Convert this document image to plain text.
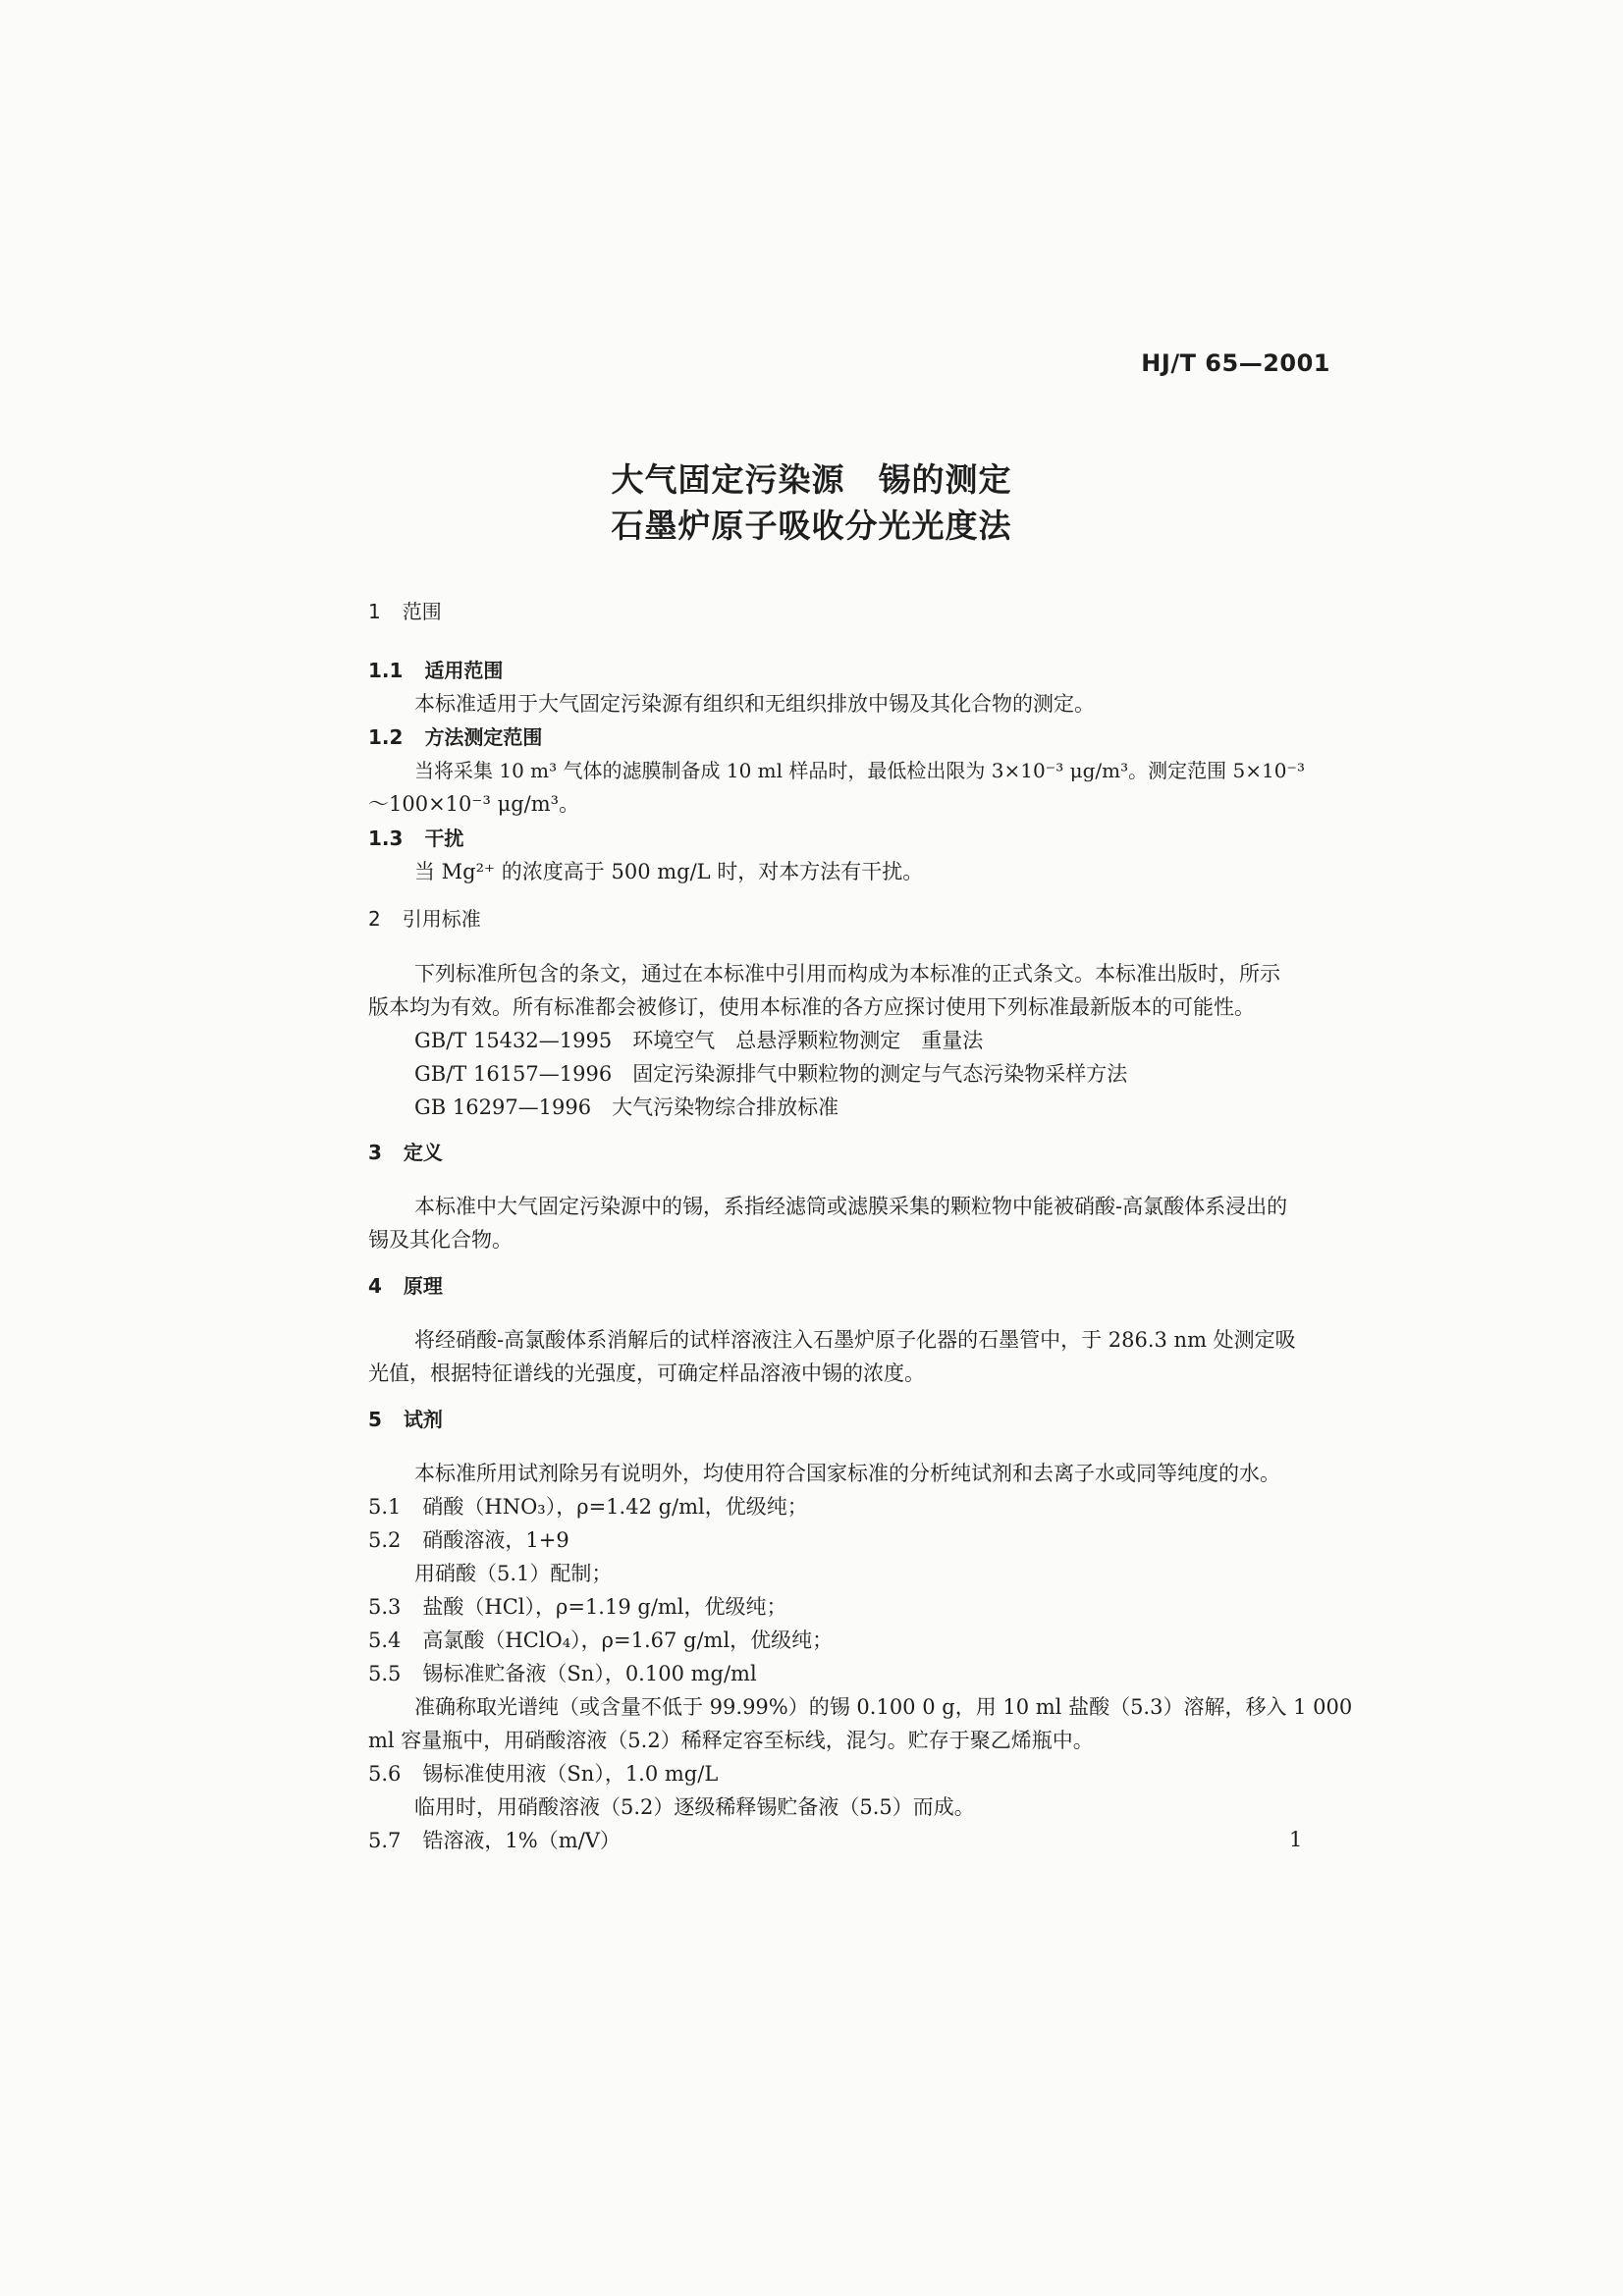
HJ/T 65—2001
大气固定污染源　锡的测定
石墨炉原子吸收分光光度法
1 范围
1.1 适用范围
本标准适用于大气固定污染源有组织和无组织排放中锡及其化合物的测定。
1.2 方法测定范围
当将采集 10 m³ 气体的滤膜制备成 10 ml 样品时，最低检出限为 3×10⁻³ μg/m³。测定范围 5×10⁻³
～100×10⁻³ μg/m³。
1.3 干扰
当 Mg²⁺ 的浓度高于 500 mg/L 时，对本方法有干扰。
2 引用标准
下列标准所包含的条文，通过在本标准中引用而构成为本标准的正式条文。本标准出版时，所示
版本均为有效。所有标准都会被修订，使用本标准的各方应探讨使用下列标准最新版本的可能性。
GB/T 15432—1995　环境空气　总悬浮颗粒物测定　重量法
GB/T 16157—1996　固定污染源排气中颗粒物的测定与气态污染物采样方法
GB 16297—1996　大气污染物综合排放标准
3 定义
本标准中大气固定污染源中的锡，系指经滤筒或滤膜采集的颗粒物中能被硝酸-高氯酸体系浸出的
锡及其化合物。
4 原理
将经硝酸-高氯酸体系消解后的试样溶液注入石墨炉原子化器的石墨管中，于 286.3 nm 处测定吸
光值，根据特征谱线的光强度，可确定样品溶液中锡的浓度。
5 试剂
本标准所用试剂除另有说明外，均使用符合国家标准的分析纯试剂和去离子水或同等纯度的水。
5.1 硝酸（HNO₃），ρ=1.42 g/ml，优级纯；
5.2 硝酸溶液，1+9
用硝酸（5.1）配制；
5.3 盐酸（HCl），ρ=1.19 g/ml，优级纯；
5.4 高氯酸（HClO₄），ρ=1.67 g/ml，优级纯；
5.5 锡标准贮备液（Sn），0.100 mg/ml
准确称取光谱纯（或含量不低于 99.99%）的锡 0.100 0 g，用 10 ml 盐酸（5.3）溶解，移入 1 000
ml 容量瓶中，用硝酸溶液（5.2）稀释定容至标线，混匀。贮存于聚乙烯瓶中。
5.6 锡标准使用液（Sn），1.0 mg/L
临用时，用硝酸溶液（5.2）逐级稀释锡贮备液（5.5）而成。
5.7 锆溶液，1%（m/V）	1
